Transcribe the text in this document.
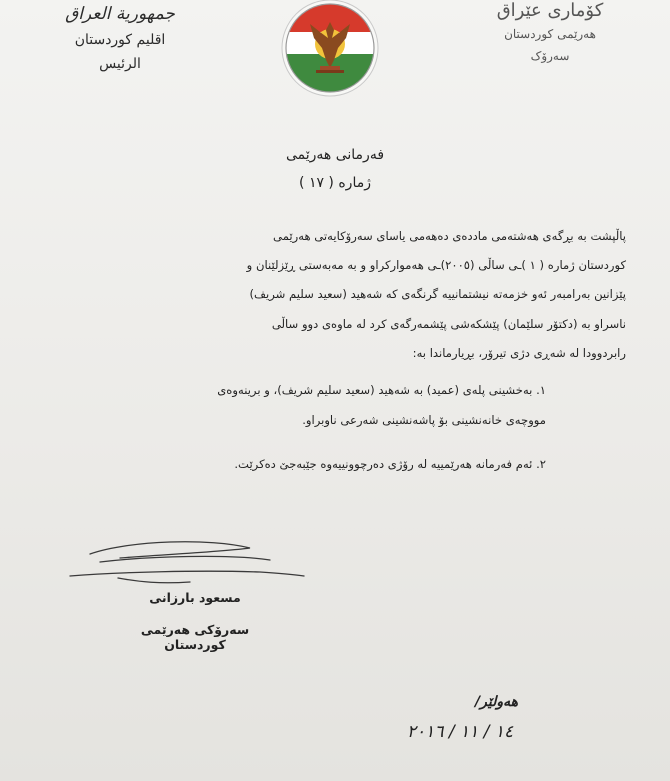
جمهورية العراق
اقليم كوردستان
الرئيس
کۆماری عێراق
هەرێمی کوردستان
سەرۆک
فەرمانی هەرێمی
ژمارە ( ١٧ )
پاڵپشت بە بڕگەی هەشتەمی ماددەی دەهەمی یاسای سەرۆکایەتی هەرێمی
کوردستان ژمارە ( ١ )ـی ساڵی (٢٠٠٥)ـی هەموارکراو و بە مەبەستی ڕێزلێنان و
پێزانین بەرامبەر ئەو خزمەتە نیشتمانییە گرنگەی کە شەهید (سعید سليم شريف)
ناسراو بە (دکتۆر سلێمان) پێشکەشی پێشمەرگەی کرد لە ماوەی دوو ساڵی
رابردوودا لە شەڕی دژی تیرۆر، بڕیارماندا بە:
١. بەخشینی پلەی (عمید) بە شەهید (سعید سلیم شریف)، و برینەوەی
مووچەی خانەنشینی بۆ پاشەنشینی شەرعی ناوبراو.
٢. ئەم فەرمانە هەرێمییە لە رۆژی دەرچوونییەوە جێبەجێ دەکرێت.
مسعود بارزانی
سەرۆکی هەرێمی کوردستان
هەولێر/
١٤ / ١١ / ٢٠١٦
